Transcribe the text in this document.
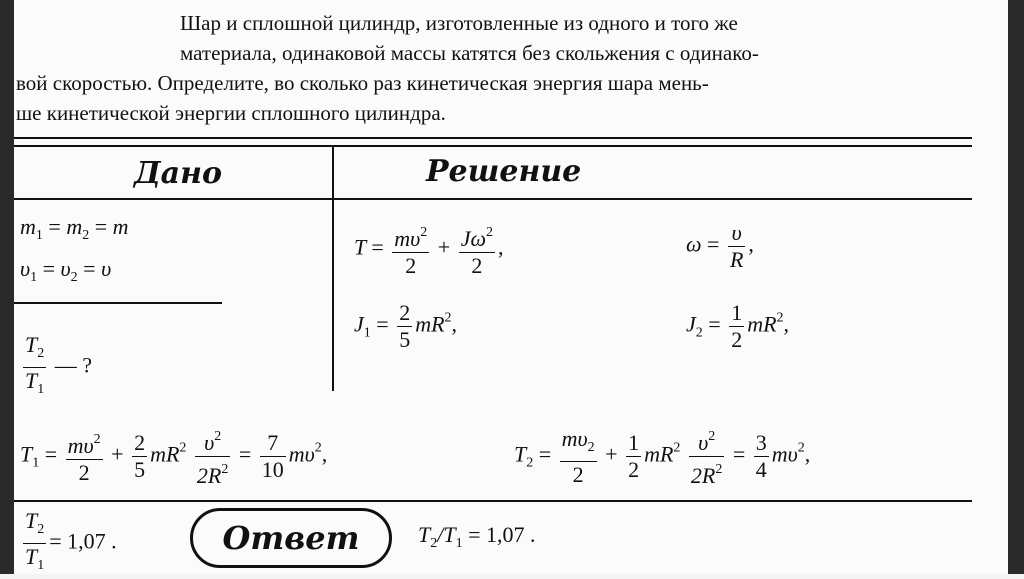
Шар и сплошной цилиндр, изготовленные из одного и того же
материала, одинаковой массы катятся без скольжения с одинако-
вой скоростью. Определите, во сколько раз кинетическая энергия шара мень-
ше кинетической энергии сплошного цилиндра.
Дано	Решение
$m_1 = m_2 = m$
$\upsilon_1 = \upsilon_2 = \upsilon$
$\frac{T_2}{T_1}$ — ?
$T = \frac{m\upsilon^2}{2} + \frac{J\omega^2}{2}$ ,	$\omega = \frac{\upsilon}{R}$ ,
$J_1 = \frac{2}{5} mR^2$,	$J_2 = \frac{1}{2} mR^2$,
$T_1 = \frac{m\upsilon^2}{2} + \frac{2}{5} mR^2 \frac{\upsilon^2}{2R^2} = \frac{7}{10} m\upsilon^2$,	$T_2 = \frac{m\upsilon_2}{2} + \frac{1}{2} mR^2 \frac{\upsilon^2}{2R^2} = \frac{3}{4} m\upsilon^2$,
$\frac{T_2}{T_1} = 1,07$ .	Ответ	$T_2/T_1 = 1,07$ .
